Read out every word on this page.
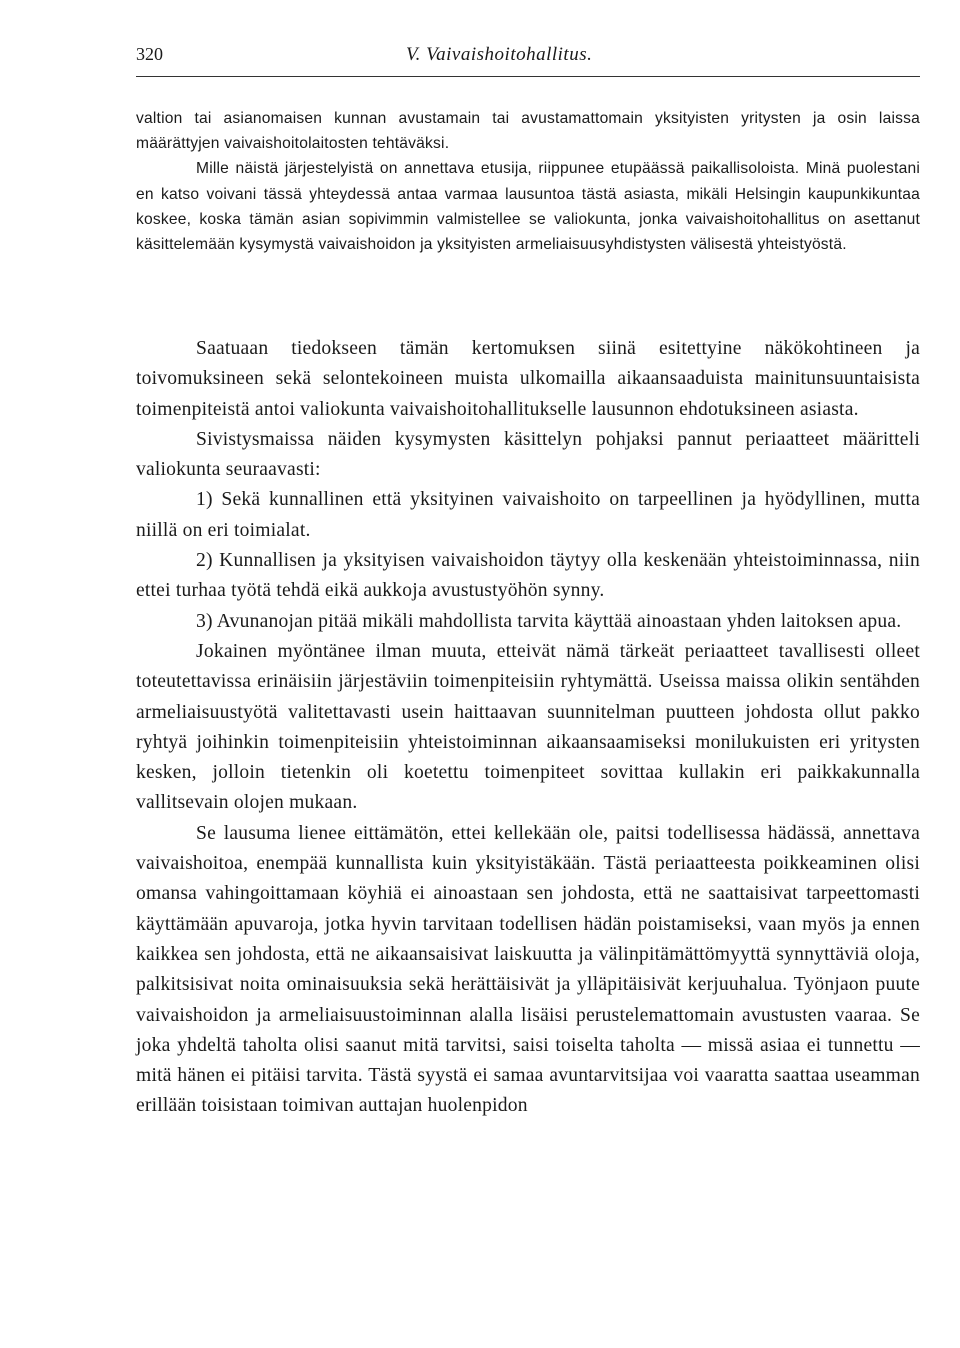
320	V. Vaivaishoitohallitus.

valtion tai asianomaisen kunnan avustamain tai avustamattomain yksityisten yritysten ja osin laissa määrättyjen vaivaishoitolaitosten tehtäväksi.

Mille näistä järjestelyistä on annettava etusija, riippunee etupäässä paikallisoloista. Minä puolestani en katso voivani tässä yhteydessä antaa varmaa lausuntoa tästä asiasta, mikäli Helsingin kaupunkikuntaa koskee, koska tämän asian sopivimmin valmistellee se valiokunta, jonka vaivaishoitohallitus on asettanut käsittelemään kysymystä vaivaishoidon ja yksityisten armeliaisuusyhdistysten välisestä yhteistyöstä.

Saatuaan tiedokseen tämän kertomuksen siinä esitettyine näkökohtineen ja toivomuksineen sekä selontekoineen muista ulkomailla aikaansaaduista mainitunsuuntaisista toimenpiteistä antoi valiokunta vaivaishoitohallitukselle lausunnon ehdotuksineen asiasta.

Sivistysmaissa näiden kysymysten käsittelyn pohjaksi pannut periaatteet määritteli valiokunta seuraavasti:

1) Sekä kunnallinen että yksityinen vaivaishoito on tarpeellinen ja hyödyllinen, mutta niillä on eri toimialat.

2) Kunnallisen ja yksityisen vaivaishoidon täytyy olla keskenään yhteistoiminnassa, niin ettei turhaa työtä tehdä eikä aukkoja avustustyöhön synny.

3) Avunanojan pitää mikäli mahdollista tarvita käyttää ainoastaan yhden laitoksen apua.

Jokainen myöntänee ilman muuta, etteivät nämä tärkeät periaatteet tavallisesti olleet toteutettavissa erinäisiin järjestäviin toimenpiteisiin ryhtymättä. Useissa maissa olikin sentähden armeliaisuustyötä valitettavasti usein haittaavan suunnitelman puutteen johdosta ollut pakko ryhtyä joihinkin toimenpiteisiin yhteistoiminnan aikaansaamiseksi monilukuisten eri yritysten kesken, jolloin tietenkin oli koetettu toimenpiteet sovittaa kullakin eri paikkakunnalla vallitsevain olojen mukaan.

Se lausuma lienee eittämätön, ettei kellekään ole, paitsi todellisessa hädässä, annettava vaivaishoitoa, enempää kunnallista kuin yksityistäkään. Tästä periaatteesta poikkeaminen olisi omansa vahingoittamaan köyhiä ei ainoastaan sen johdosta, että ne saattaisivat tarpeettomasti käyttämään apuvaroja, jotka hyvin tarvitaan todellisen hädän poistamiseksi, vaan myös ja ennen kaikkea sen johdosta, että ne aikaansaisivat laiskuutta ja välinpitämättömyyttä synnyttäviä oloja, palkitsisivat noita ominaisuuksia sekä herättäisivät ja ylläpitäisivät kerjuuhalua. Työnjaon puute vaivaishoidon ja armeliaisuustoiminnan alalla lisäisi perustelemattomain avustusten vaaraa. Se joka yhdeltä taholta olisi saanut mitä tarvitsi, saisi toiselta taholta — missä asiaa ei tunnettu — mitä hänen ei pitäisi tarvita. Tästä syystä ei samaa avuntarvitsijaa voi vaaratta saattaa useamman erillään toisistaan toimivan auttajan huolenpidon
